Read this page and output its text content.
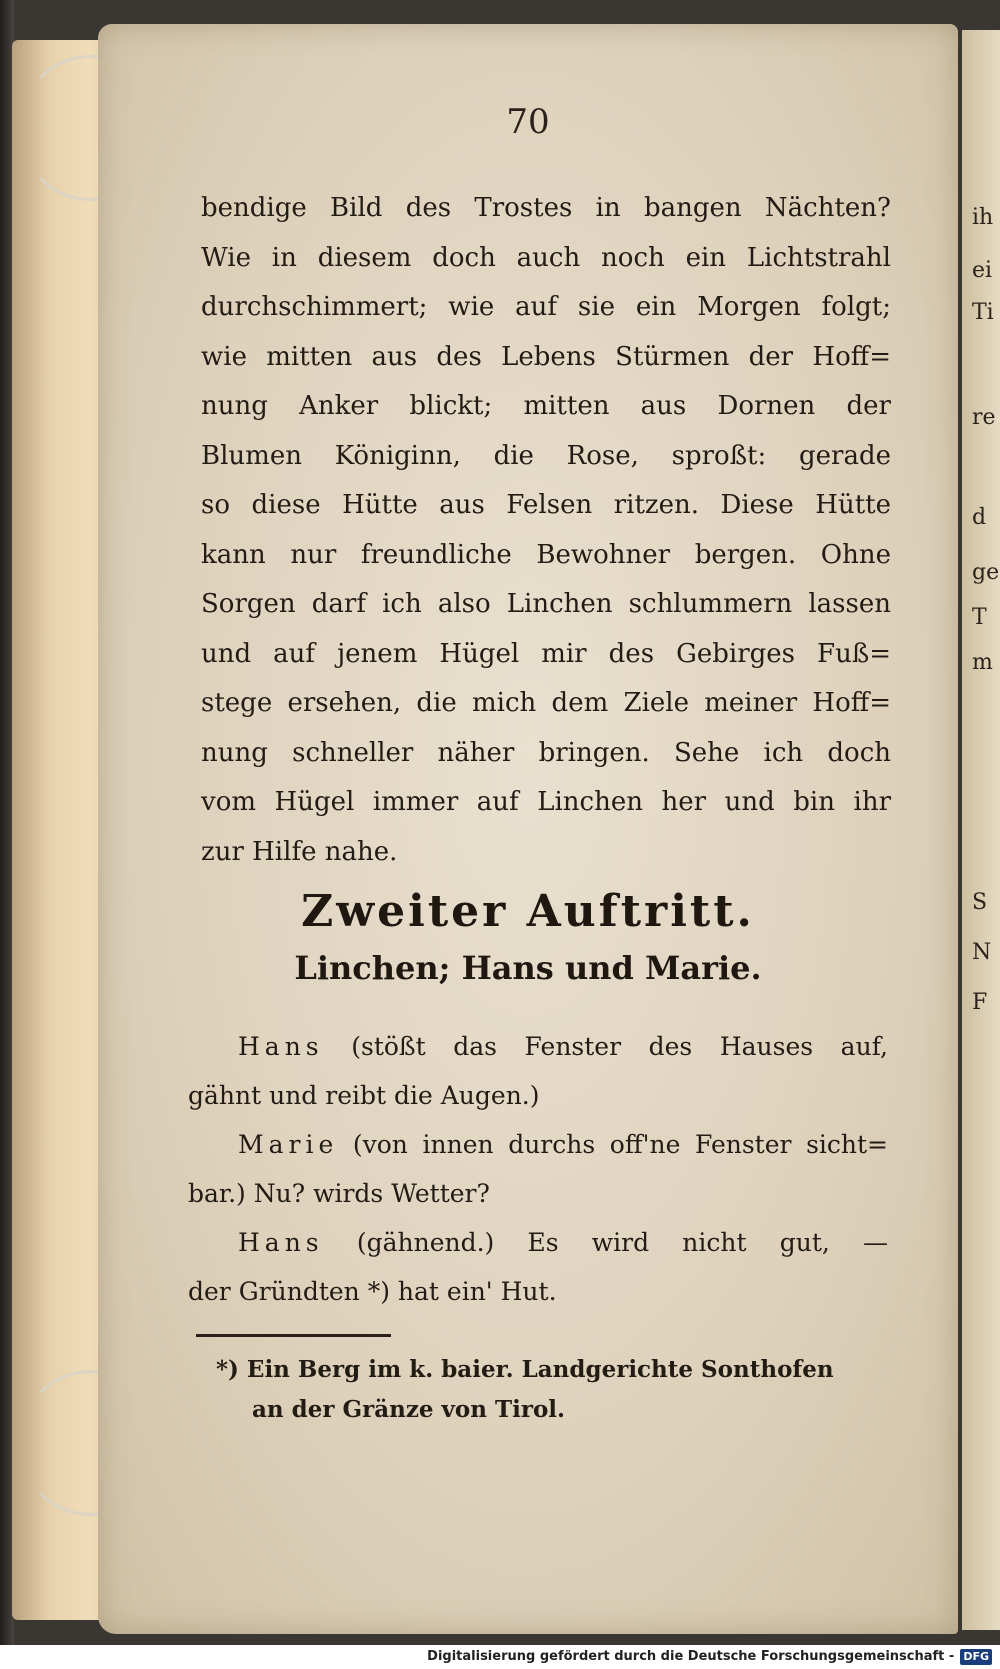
ih
ei
Ti
re
d
ge
T
m
S
N
F
70
bendige Bild des Trostes in bangen Nächten?
Wie in diesem doch auch noch ein Lichtstrahl
durchschimmert; wie auf sie ein Morgen folgt;
wie mitten aus des Lebens Stürmen der Hoff=
nung Anker blickt; mitten aus Dornen der
Blumen Königinn, die Rose, sproßt: gerade
so diese Hütte aus Felsen ritzen. Diese Hütte
kann nur freundliche Bewohner bergen. Ohne
Sorgen darf ich also Linchen schlummern lassen
und auf jenem Hügel mir des Gebirges Fuß=
stege ersehen, die mich dem Ziele meiner Hoff=
nung schneller näher bringen. Sehe ich doch
vom Hügel immer auf Linchen her und bin ihr
zur Hilfe nahe.
Zweiter Auftritt.
Linchen; Hans und Marie.
Hans (stößt das Fenster des Hauses auf,
gähnt und reibt die Augen.)
Marie (von innen durchs off'ne Fenster sicht=
bar.) Nu? wirds Wetter?
Hans (gähnend.) Es wird nicht gut, —
der Gründten *) hat ein' Hut.
*) Ein Berg im k. baier. Landgerichte Sonthofen
an der Gränze von Tirol.
Digitalisierung gefördert durch die Deutsche Forschungsgemeinschaft - DFG
